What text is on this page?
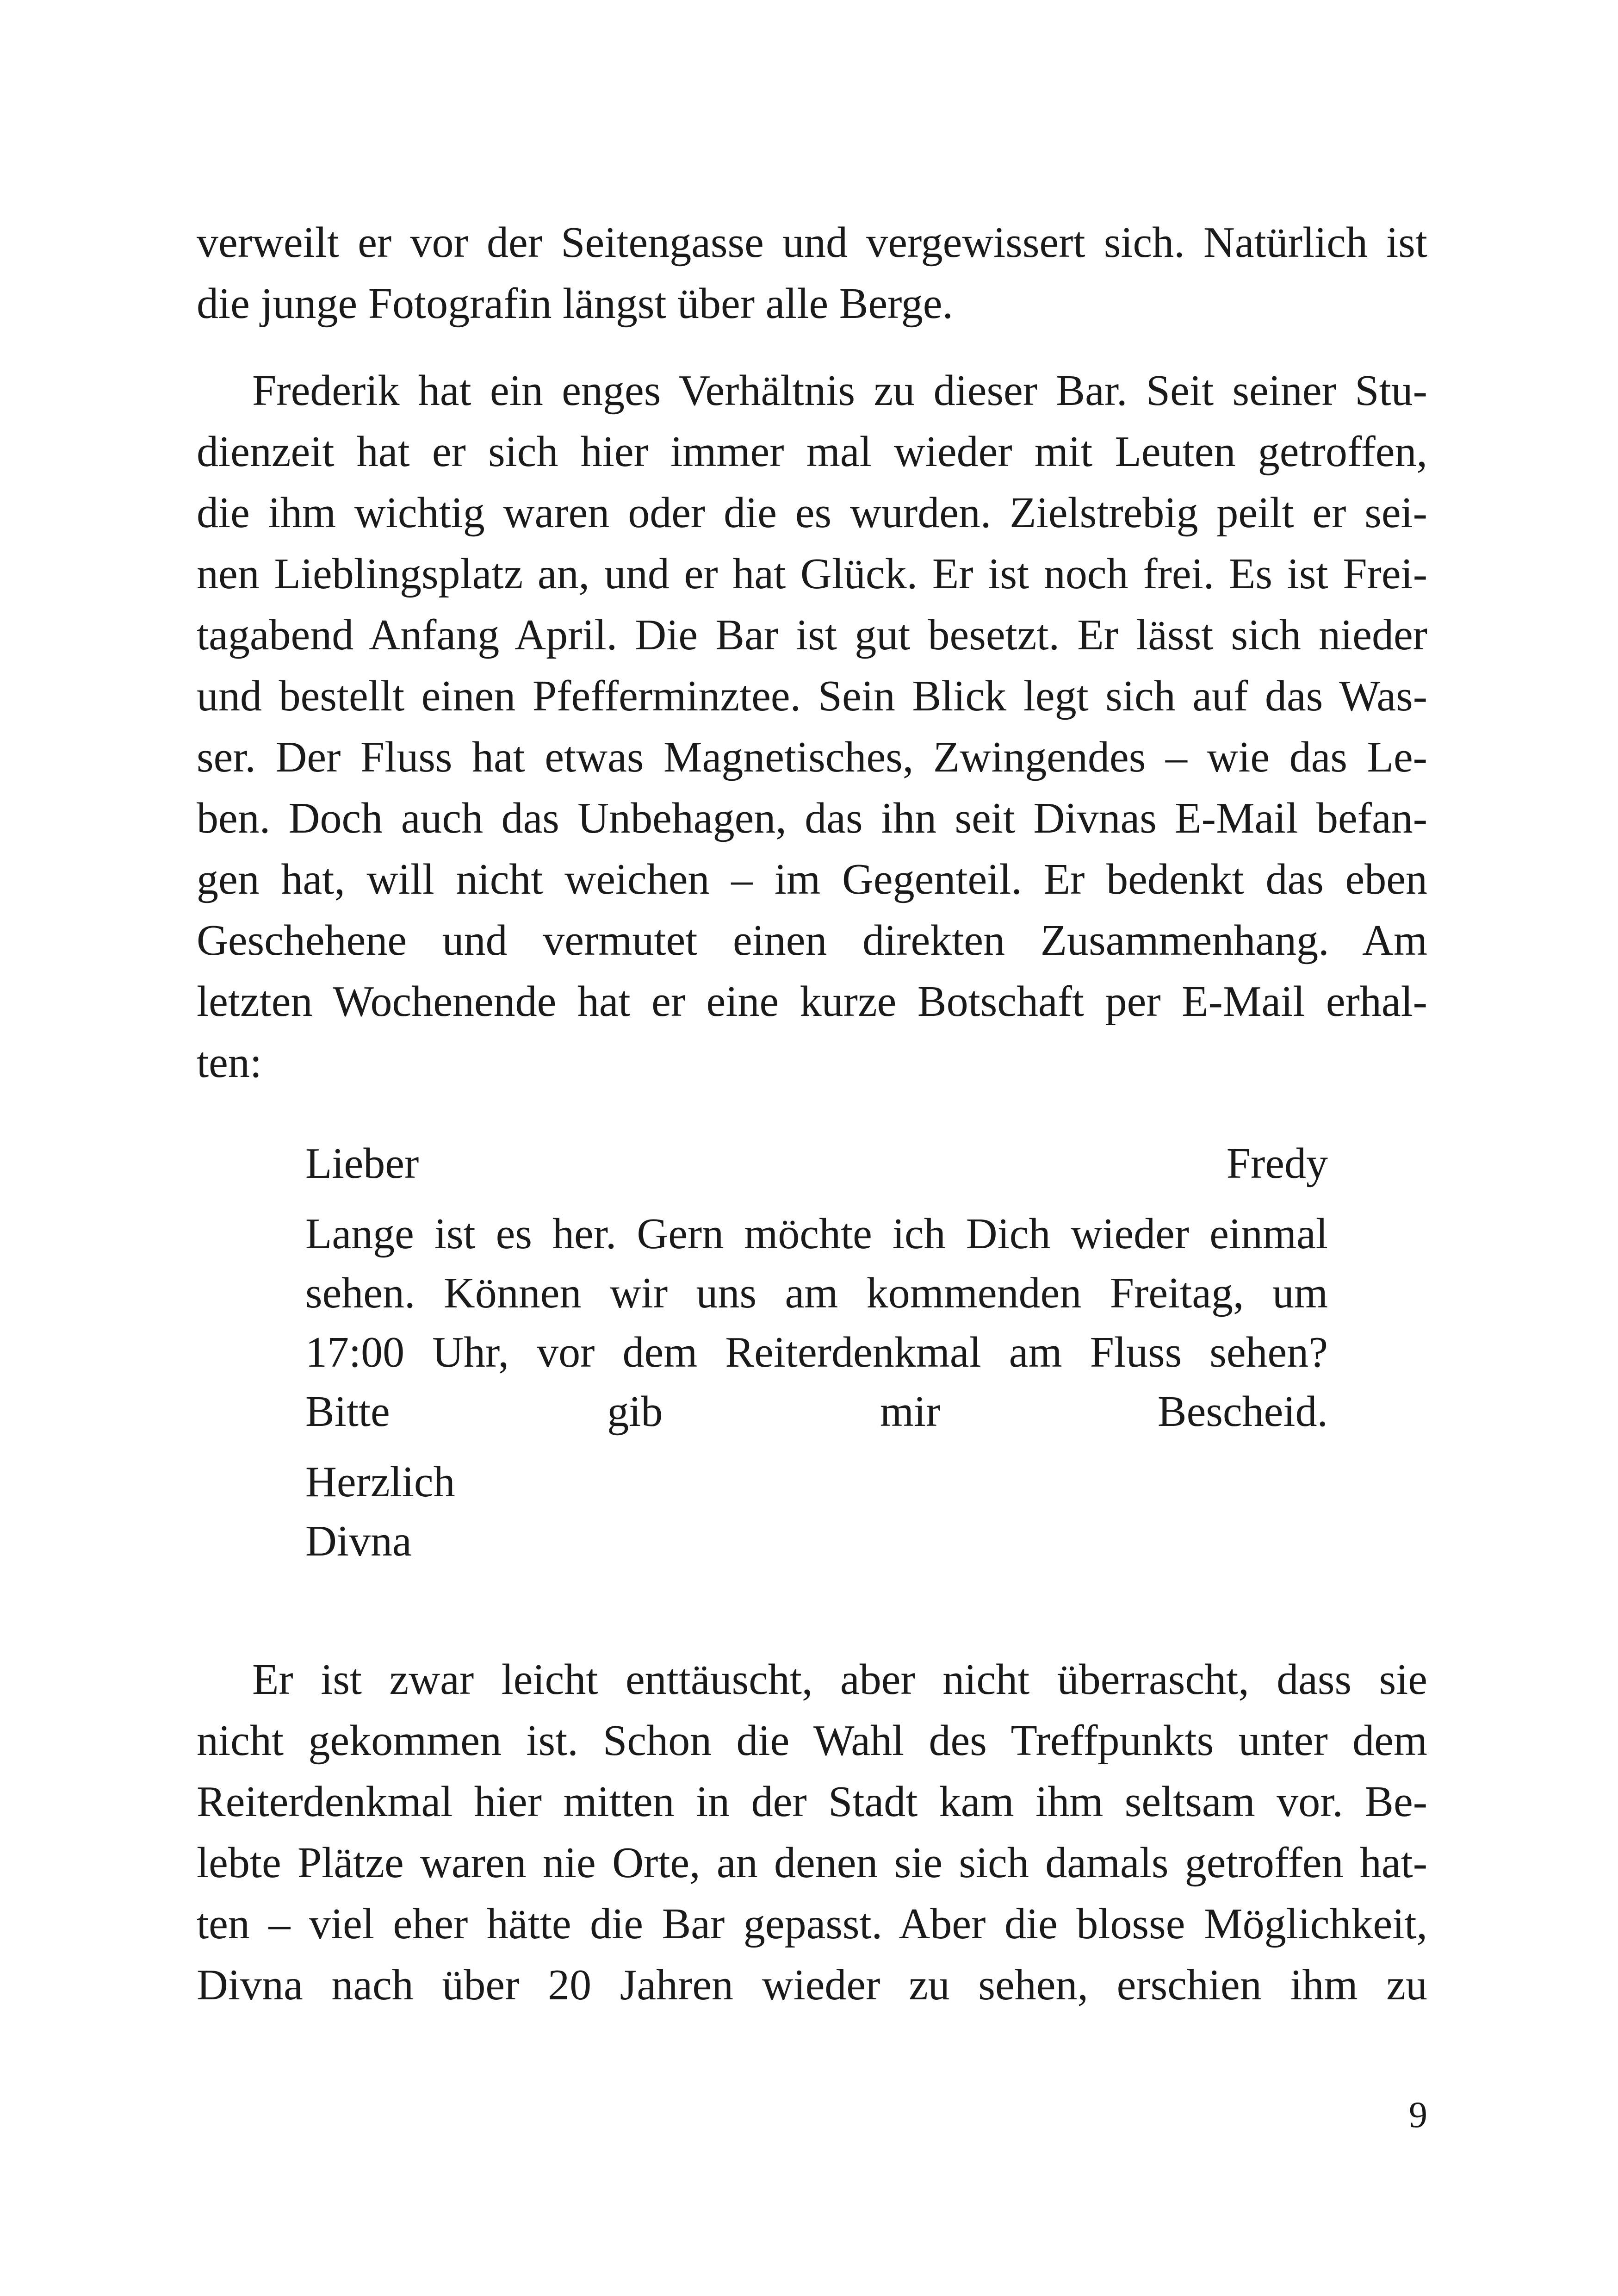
verweilt er vor der Seitengasse und vergewissert sich. Natürlich ist
die junge Fotografin längst über alle Berge.
Frederik hat ein enges Verhältnis zu dieser Bar. Seit seiner Stu-
dienzeit hat er sich hier immer mal wieder mit Leuten getroffen,
die ihm wichtig waren oder die es wurden. Zielstrebig peilt er sei-
nen Lieblingsplatz an, und er hat Glück. Er ist noch frei. Es ist Frei-
tagabend Anfang April. Die Bar ist gut besetzt. Er lässt sich nieder
und bestellt einen Pfefferminztee. Sein Blick legt sich auf das Was-
ser. Der Fluss hat etwas Magnetisches, Zwingendes – wie das Le-
ben. Doch auch das Unbehagen, das ihn seit Divnas E-Mail befan-
gen hat, will nicht weichen – im Gegenteil. Er bedenkt das eben
Geschehene und vermutet einen direkten Zusammenhang. Am
letzten Wochenende hat er eine kurze Botschaft per E-Mail erhal-
ten:
Lieber Fredy
Lange ist es her. Gern möchte ich Dich wieder einmal
sehen. Können wir uns am kommenden Freitag, um
17:00 Uhr, vor dem Reiterdenkmal am Fluss sehen?
Bitte gib mir Bescheid.
Herzlich
Divna
Er ist zwar leicht enttäuscht, aber nicht überrascht, dass sie
nicht gekommen ist. Schon die Wahl des Treffpunkts unter dem
Reiterdenkmal hier mitten in der Stadt kam ihm seltsam vor. Be-
lebte Plätze waren nie Orte, an denen sie sich damals getroffen hat-
ten – viel eher hätte die Bar gepasst. Aber die blosse Möglichkeit,
Divna nach über 20 Jahren wieder zu sehen, erschien ihm zu
9
